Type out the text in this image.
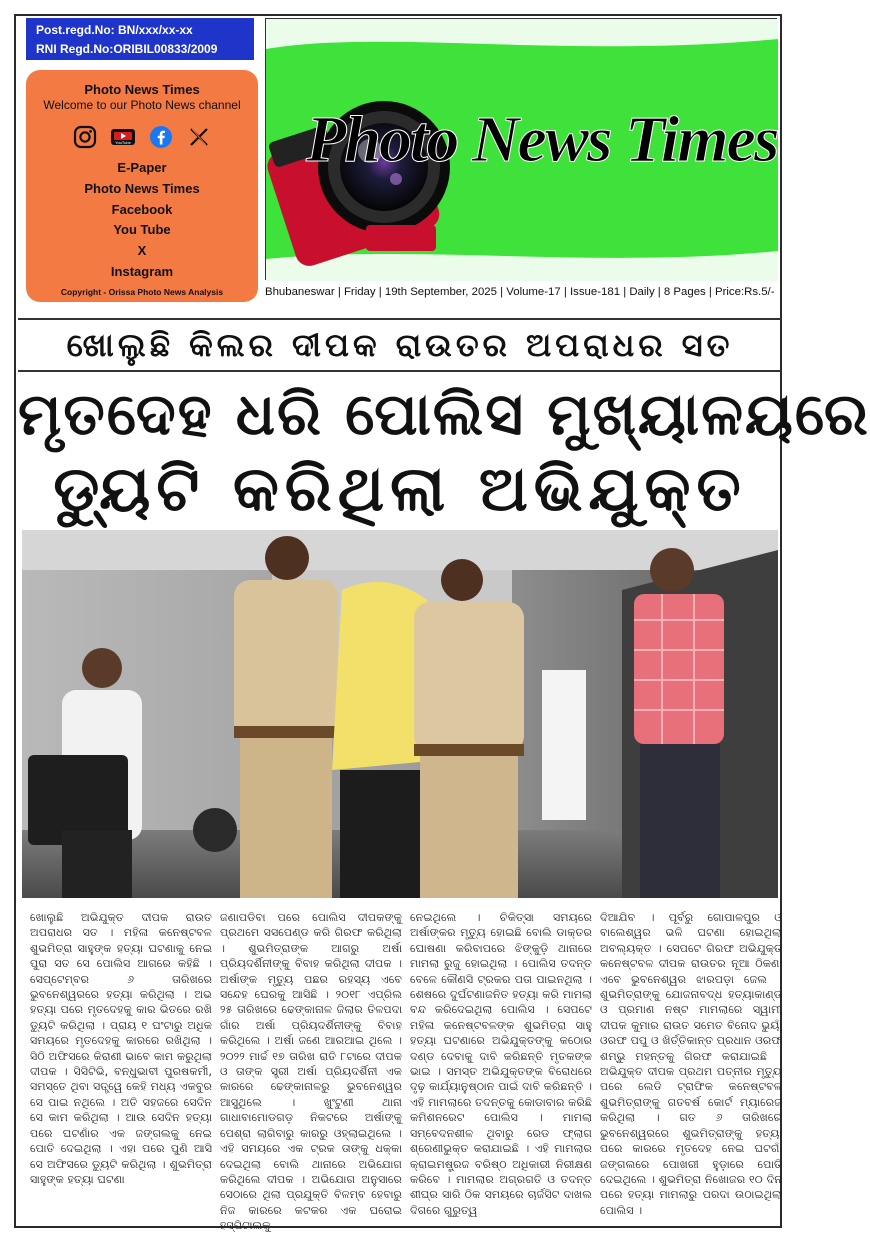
Post.regd.No: BN/xxx/xx-xx
RNI Regd.No:ORIBIL00833/2009
Photo News Times
Welcome to our Photo News channel
YouTube
E-Paper
Photo News Times
Facebook
You Tube
X
Instagram
Copyright - Orissa Photo News Analysis
Photo News Times
Bhubaneswar | Friday | 19th September, 2025 | Volume-17 | Issue-181 | Daily | 8 Pages | Price:Rs.5/-
ଖୋଲୁଛି କିଲର ଦୀପକ ରାଉତର ଅପରାଧର ସତ
ମୃତଦେହ ଧରି ପୋଲିସ ମୁଖ୍ୟାଳୟରେ
ଡ୍ୟୁଟି କରିଥିଲା ଅଭିଯୁକ୍ତ
ଖୋଲୁଛି ଅଭିଯୁକ୍ତ ଦୀପକ ରାଉତ ଅପରାଧର ସତ । ମହିଳା କନେଷ୍ଟବଳ ଶୁଭମିତ୍ରା ସାହୁଙ୍କ ହତ୍ୟା ଘଟଣାକୁ ନେଇ ପୁରା ସତ ସେ ପୋଲିସ ଆଗରେ କହିଛି । ସେପ୍ଟେମ୍ବର ୬ ତାରିଖରେ ଭୁବନେଶ୍ୱରରେ ହତ୍ୟା କରିଥିଲା । ଅଭ ହତ୍ୟା ପରେ ମୃତଦେହକୁ କାର ଭିତରେ ରଖି ଡ୍ୟୁଟି କରିଥିଲା । ପ୍ରାୟ ୧ ଘଂଟାରୁ ଅଧିକ ସମୟରେ ମୃତଦେହକୁ କାରରେ ରଖିଥିଲା । ସିଠି ଅଫିସରେ କିରାଣୀ ଭାବେ କାମ କରୁଥିଲା ଦୀପକ । ସିସିଟିଭି, ବନ୍ଧୁଭାବୀ ପୁରଷକର୍ମୀ, ସମସ୍ତେ ଥିବା ସତ୍ତ୍ୱେ କେହି ମଧ୍ୟ ଏକବୁର ସେ ପାଇ ନଥିଲେ । ଅତି ସହଜରେ ସେଦିନ ସେ କାମ କରିଥିଲା । ଆଉ ସେଦିନ ହତ୍ୟା ପରେ ଘଟଣାଁର ଏକ ଜଙ୍ଗଲକୁ ନେଇ ପୋତି ଦେଇଥିଲା । ଏହା ପରେ ପୁଣି ଆସି ସେ ଅଫିସରେ ଡ୍ୟୁଟି କରିଥିଲା । ଶୁଭମିତ୍ରା ସାହୁଙ୍କ ହତ୍ୟା ଘଟଣା
ଜଣାପଡିବା ପରେ ପୋଲିସ ଦୀପକଙ୍କୁ ପ୍ରଥମେ ସସପେଣ୍ଡ କରି ଗିରଫ କରିଥିଲା । ଶୁଭମିତ୍ରାଙ୍କ ଆଗରୁ ଅର୍ଷା ପ୍ରିୟଦର୍ଶିନୀଙ୍କୁ ବିବାହ କରିଥିଲା ଦୀପକ । ଅର୍ଷାଙ୍କ ମୃତ୍ୟୁ ପଛର ରହସ୍ୟ ଏବେ ସନ୍ଦେହ ଘେରକୁ ଆସିଛି । ୨୦୧୮ ଏପ୍ରିଲ ୨୫ ତାରିଖରେ ଢେଙ୍କାନାଳ ଜିଲାର ତିଳପଦା ଗାଁର ଅର୍ଷା ପ୍ରିୟଦର୍ଶିନୀଙ୍କୁ ବିବାହ କରିଥିଲେ । ଅର୍ଷା ଜଣେ ଆରଆଇ ଥିଲେ । ୨୦୨୨ ମାର୍ଚ୍ଚ ୧୭ ତାରିଖ ରାତି ୮ଟାରେ ଦୀପକ ଓ ତାଙ୍କ ସ୍ତ୍ରୀ ଅର୍ଷା ପ୍ରିୟଦର୍ଶିନୀ ଏକ କାରରେ ଢେଙ୍କାନାଳରୁ ଭୁବନେଶ୍ୱର ଆସୁଥିଲେ । ଖୁଂଟୁଣୀ ଥାନା ଗାଧାବାମୋଡଗଡ଼ ନିକଟରେ ଅର୍ଷାଙ୍କୁ ପେଶ୍ରା ଲାଗିବାରୁ କାରରୁ ଓହ୍ଲାଇଥିଲେ । ଏହି ସମୟରେ ଏକ ଟ୍ରକ ତାଙ୍କୁ ଧକ୍କା ଦେଇଥିଲା ବୋଲି ଥାନାରେ ଅଭିଯୋଗ କରିଥିଲେ ଦୀପକ । ଅଭିଯୋଗ ଅନୁସାରେ ସେଠାରେ ଥିଲା ପ୍ରଯୁକ୍ତି ବିଳମ୍ବ ହେବାରୁ ନିଜ କାରରେ କଟକର ଏକ ଘରୋଇ ହସ୍ପିଟାଲକୁ
ନେଇଥିଲେ । ଚିକିତ୍ସା ସମୟରେ ଅର୍ଷାଙ୍କର ମୃତ୍ୟୁ ହୋଇଛି ବୋଲି ଡାକ୍ତର ଘୋଷଣା କରିବାପରେ ଝିଙ୍କୁଡ଼ି ଥାନାରେ ମାମଲା ରୁଜୁ ହୋଇଥିଲା । ପୋଲିସ ତଦନ୍ତ ବେଳେ କୌଣସି ଟ୍ରକର ପତା ପାଇନଥିଲା । ଶେଷରେ ଦୁର୍ଘଟଣାଜନିତ ହତ୍ୟା କରି ମାମଲା ବନ୍ଦ କରିଦେଇଥିଲା ପୋଲିସ । ସେପଟେ ମହିଳା କନେଷ୍ଟବଳଙ୍କ ଶୁଭମିତ୍ରା ସାହୁ ହତ୍ୟା ଘଟଣାରେ ଅଭିଯୁକ୍ତଙ୍କୁ କଠୋର ଦଣ୍ଡ ଦେବାକୁ ଦାବି କରିଛନ୍ତି ମୃତକଙ୍କ ଭାଇ । ସମସ୍ତ ଅଭିଯୁକ୍ତଙ୍କ ବିରୋଧରେ ଦୃଢ଼ କାର୍ଯ୍ୟାନୁଷ୍ଠାନ ପାଇଁ ଦାବି କରିଛନ୍ତି । ଏହି ମାମଲାରେ ତଦନ୍ତକୁ କୋଡାବାର କରିଛି କମିଶନରେଟ ପୋଲିସ । ମାମଲା ସମ୍ବେଦନଶୀଳ ଥିବାରୁ ରେଡ ଫ୍ଲାଗ ଶ୍ରେଣୀଭୁକ୍ତ କରାଯାଇଛି । ଏହି ମାମଲାର କ୍ରାଇମଷ୍ଟ୍ରଜ ବରିଷ୍ଠ ଅଧିକାରୀ ନିରୀକ୍ଷଣ କରିବେ । ମାମଲାର ଅଗ୍ରଗତି ଓ ତଦନ୍ତ ଶୀଘ୍ର ସାରି ଠିକ ସମୟରେ ଚାର୍ଜସିଟ ଦାଖଲ ଦିଗରେ ଗୁରୁତ୍ୱ
ଦିଆଯିବ । ପୂର୍ବରୁ ଗୋପାଳପୁର ଓ ବାଲେଶ୍ୱର ଭଳି ଘଟଣା ହୋଇଥିଲା ଅବଲ୍ୟକ୍ତ । ସେପଟେ ଗିରଫ ଅଭିଯୁକ୍ତ କନେଷ୍ଟବଳ ଦୀପକ ରାଉତର ନୂଆ ଠିକଣା ଏବେ ଭୁବନେଶ୍ୱର ଝାରପଡ଼ା ଜେଲ । ଶୁଭମିତ୍ରାଙ୍କୁ ଯୋଜନାବଦ୍ଧ ହତ୍ୟାକାଣ୍ଡ ଓ ପ୍ରମାଣ ନଷ୍ଟ ମାମଲାରେ ସ୍ୱାମୀ ଦୀପକ କୁମାର ରାଉତ ସମେତ ବିନୋଦ ଭୁୟାଁ ଓରଫ ପପୁ ଓ ଖିର୍ତ୍ତିକାନ୍ତ ପ୍ରଧାନ ଓରଫ ଶମ୍ଭୁ ମହନ୍ତକୁ ଗିରଫ କରାଯାଇଛି । ଅଭିଯୁକ୍ତ ଦୀପକ ପ୍ରଥମ ପତ୍ନୀର ମୃତ୍ୟୁ ପରେ ଲେଡି ଟ୍ରାଫିକ କନେଷ୍ଟବଳ ଶୁଭମିତ୍ରାଙ୍କୁ ଗତବର୍ଷ କୋର୍ଟ ମ୍ୟାରେଜ କରିଥିଲା । ଗତ ୬ ତାରିଖରେ ଭୁବନେଶ୍ୱରରେ ଶୁଭମିତ୍ରାଙ୍କୁ ହତ୍ୟା ପରେ କାରରେ ମୃତଦେହ ନେଇ ଘଟଗାଁ ଜଙ୍ଗଲରେ ପୋଖରୀ ହୁଡ଼ାରେ ପୋତି ଦେଇଥିଲେ । ଶୁଭମିତ୍ରା ନିଖୋଜର ୧୦ ଦିନ ପରେ ହତ୍ୟା ମାମଲାରୁ ପରଦା ଉଠାଇଥିଲା ପୋଲିସ ।
